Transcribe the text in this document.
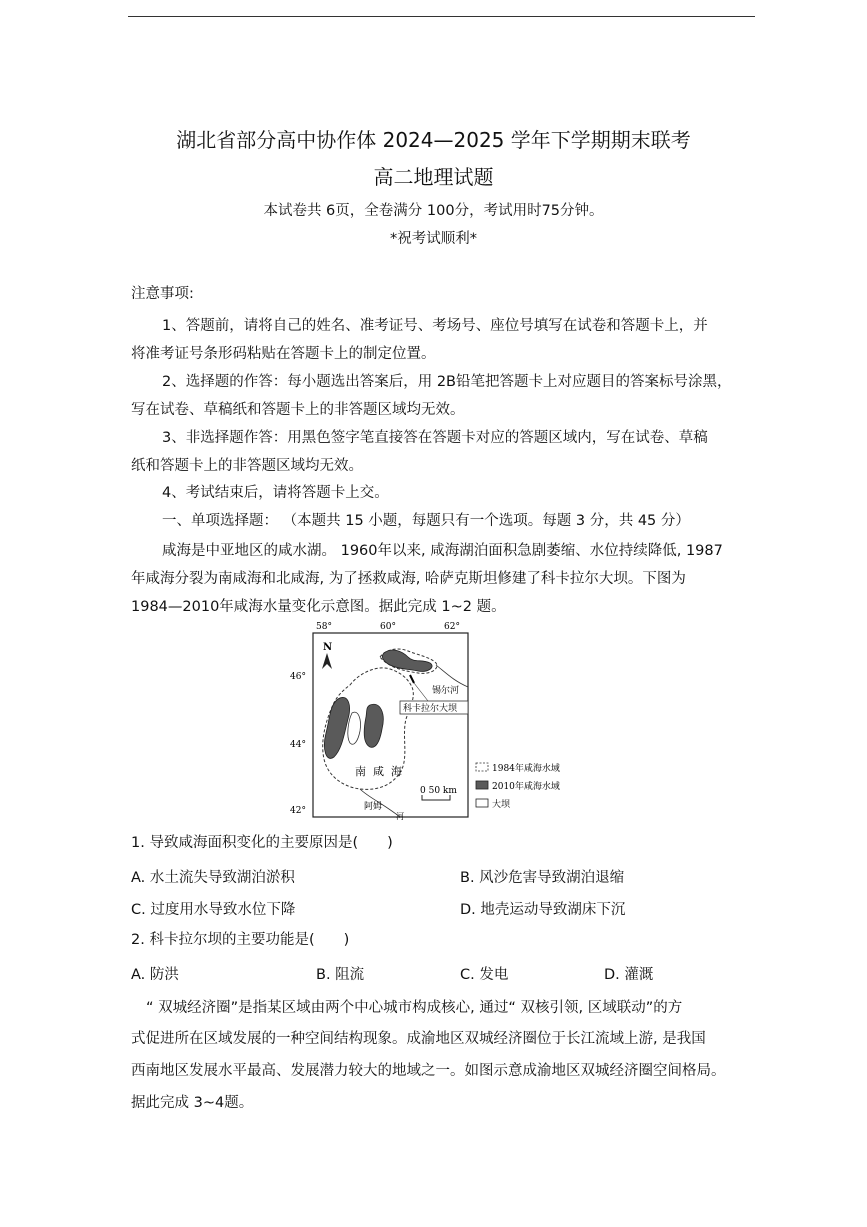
湖北省部分高中协作体 2024—2025 学年下学期期末联考
高二地理试题
本试卷共 6页，全卷满分 100分，考试用时75分钟。
*祝考试顺利*
注意事项:
1、答题前，请将自己的姓名、准考证号、考场号、座位号填写在试卷和答题卡上，并
将准考证号条形码粘贴在答题卡上的制定位置。
2、选择题的作答：每小题选出答案后，用 2B铅笔把答题卡上对应题目的答案标号涂黑，
写在试卷、草稿纸和答题卡上的非答题区域均无效。
3、非选择题作答：用黑色签字笔直接答在答题卡对应的答题区域内，写在试卷、草稿
纸和答题卡上的非答题区域均无效。
4、考试结束后，请将答题卡上交。
一、单项选择题： （本题共 15 小题，每题只有一个选项。每题 3 分，共 45 分）
咸海是中亚地区的咸水湖。 1960年以来, 咸海湖泊面积急剧萎缩、水位持续降低, 1987
年咸海分裂为南咸海和北咸海, 为了拯救咸海, 哈萨克斯坦修建了科卡拉尔大坝。下图为
1984—2010年咸海水量变化示意图。据此完成 1~2 题。
58°	60°	62°
46°
44°
42°
N
科卡拉尔大坝
锡尔河
南 咸 海
阿姆
河
0 50 km
1984年咸海水域
2010年咸海水域
大坝
1. 导致咸海面积变化的主要原因是(　　)
A. 水土流失导致湖泊淤积	B. 风沙危害导致湖泊退缩
C. 过度用水导致水位下降	D. 地壳运动导致湖床下沉
2. 科卡拉尔坝的主要功能是(　　)
A. 防洪	B. 阻流	C. 发电	D. 灌溉
“ 双城经济圈”是指某区域由两个中心城市构成核心, 通过“ 双核引领, 区域联动”的方
式促进所在区域发展的一种空间结构现象。成渝地区双城经济圈位于长江流域上游, 是我国
西南地区发展水平最高、发展潜力较大的地域之一。如图示意成渝地区双城经济圈空间格局。
据此完成 3~4题。
